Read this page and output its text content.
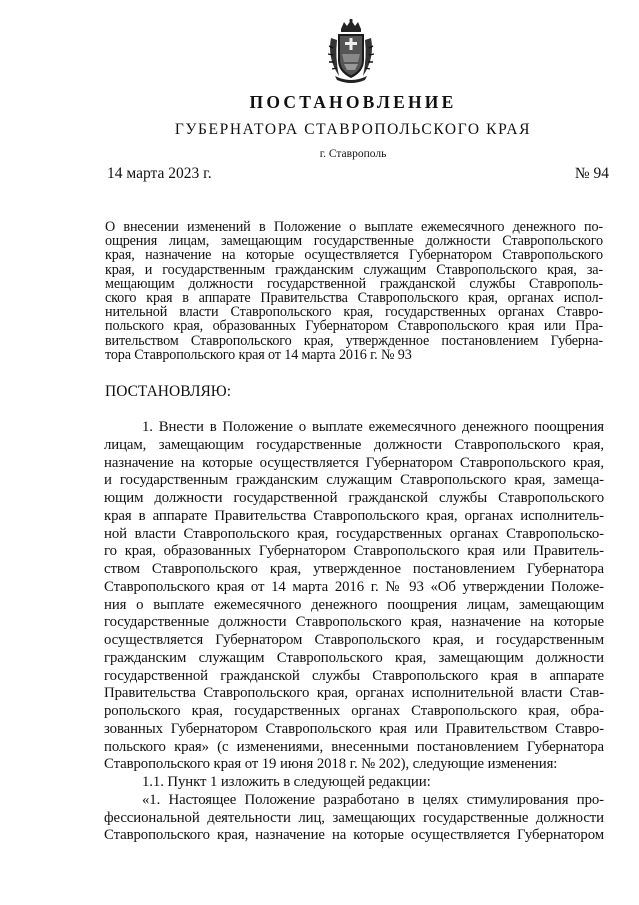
ПОСТАНОВЛЕНИЕ
ГУБЕРНАТОРА СТАВРОПОЛЬСКОГО КРАЯ
г. Ставрополь
14 марта 2023 г.	№ 94
О внесении изменений в Положение о выплате ежемесячного денежного по-
ощрения лицам, замещающим государственные должности Ставропольского
края, назначение на которые осуществляется Губернатором Ставропольского
края, и государственным гражданским служащим Ставропольского края, за-
мещающим должности государственной гражданской службы Ставрополь-
ского края в аппарате Правительства Ставропольского края, органах испол-
нительной власти Ставропольского края, государственных органах Ставро-
польского края, образованных Губернатором Ставропольского края или Пра-
вительством Ставропольского края, утвержденное постановлением Губерна-
тора Ставропольского края от 14 марта 2016 г. № 93
ПОСТАНОВЛЯЮ:
1. Внести в Положение о выплате ежемесячного денежного поощрения
лицам, замещающим государственные должности Ставропольского края,
назначение на которые осуществляется Губернатором Ставропольского края,
и государственным гражданским служащим Ставропольского края, замеща-
ющим должности государственной гражданской службы Ставропольского
края в аппарате Правительства Ставропольского края, органах исполнитель-
ной власти Ставропольского края, государственных органах Ставропольско-
го края, образованных Губернатором Ставропольского края или Правитель-
ством Ставропольского края, утвержденное постановлением Губернатора
Ставропольского края от 14 марта 2016 г. № 93 «Об утверждении Положе-
ния о выплате ежемесячного денежного поощрения лицам, замещающим
государственные должности Ставропольского края, назначение на которые
осуществляется Губернатором Ставропольского края, и государственным
гражданским служащим Ставропольского края, замещающим должности
государственной гражданской службы Ставропольского края в аппарате
Правительства Ставропольского края, органах исполнительной власти Став-
ропольского края, государственных органах Ставропольского края, обра-
зованных Губернатором Ставропольского края или Правительством Ставро-
польского края» (с изменениями, внесенными постановлением Губернатора
Ставропольского края от 19 июня 2018 г. № 202), следующие изменения:
1.1. Пункт 1 изложить в следующей редакции:
«1. Настоящее Положение разработано в целях стимулирования про-
фессиональной деятельности лиц, замещающих государственные должности
Ставропольского края, назначение на которые осуществляется Губернатором
